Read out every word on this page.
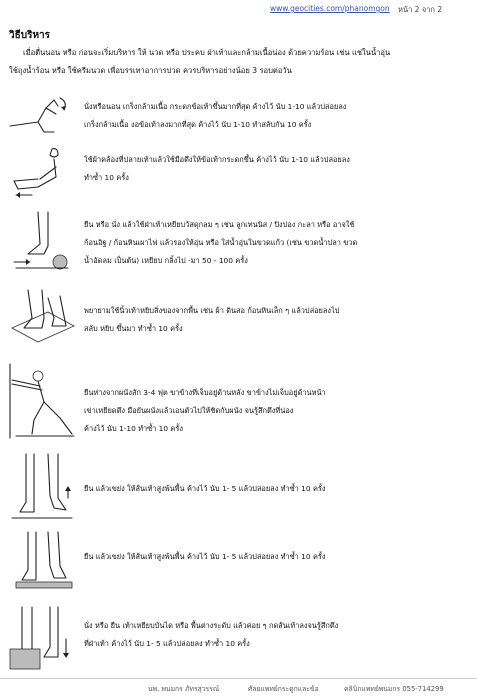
www.geocities.com/phanomgon หน้า 2 จาก 2
วิธีบริหาร
เมื่อตื่นนอน หรือ ก่อนจะเริ่มบริหาร ให้ นวด หรือ ประคบ ฝ่าเท้าและกล้ามเนื้อน่อง ด้วยความร้อน เช่น แช่ในน้ำอุ่น
ใช้ถุงน้ำร้อน หรือ ใช้ครีมนวด เพื่อบรรเทาอาการปวด ควรบริหารอย่างน้อย 3 รอบต่อวัน
นั่งหรือนอน เกร็งกล้ามเนื้อ กระดกข้อเท้าขึ้นมากที่สุด ค้างไว้ นับ 1-10 แล้วปล่อยลง
เกร็งกล้ามเนื้อ งอข้อเท้าลงมากที่สุด ค้างไว้ นับ 1-10 ทำสลับกัน 10 ครั้ง
ใช้ผ้าคล้องที่ปลายเท้าแล้วใช้มือดึงให้ข้อเท้ากระดกขึ้น ค้างไว้ นับ 1-10 แล้วปล่อยลง
ทำซ้ำ 10 ครั้ง
ยืน หรือ นั่ง แล้วใช้ฝ่าเท้าเหยียบวัสดุกลม ๆ เช่น ลูกเทนนิส / ปิงปอง กะลา หรือ อาจใช้
ก้อนอิฐ / ก้อนหินเผาไฟ แล้วรองให้อุ่น หรือ ใส่น้ำอุ่นในขวดแก้ว (เช่น ขวดน้ำปลา ขวด
น้ำอัดลม เป็นต้น) เหยียบ กลิ้งไป -มา 50 - 100 ครั้ง
พยายามใช้นิ้วเท้าหยิบสิ่งของจากพื้น เช่น ผ้า ดินสอ ก้อนหินเล็ก ๆ แล้วปล่อยลงไป
สลับ หยิบ ขึ้นมา ทำซ้ำ 10 ครั้ง
ยืนห่างจากผนังสัก 3-4 ฟุต ขาข้างที่เจ็บอยู่ด้านหลัง ขาข้างไม่เจ็บอยู่ด้านหน้า
เข่าเหยียดตึง มือยันผนังแล้วเอนตัวไปให้ชิดกับผนัง จนรู้สึกตึงที่น่อง
ค้างไว้ นับ 1-10 ทำซ้ำ 10 ครั้ง
ยืน แล้วเขย่ง ให้ส้นเท้าสูงพ้นพื้น ค้างไว้ นับ 1- 5 แล้วปล่อยลง ทำซ้ำ 10 ครั้ง
ยืน แล้วเขย่ง ให้ส้นเท้าสูงพ้นพื้น ค้างไว้ นับ 1- 5 แล้วปล่อยลง ทำซ้ำ 10 ครั้ง
นั่ง หรือ ยืน เท้าเหยียบบันได หรือ พื้นต่างระดับ แล้วค่อย ๆ กดส้นเท้าลงจนรู้สึกตึง
ที่ฝ่าเท้า ค้างไว้ นับ 1- 5 แล้วปล่อยลง ทำซ้ำ 10 ครั้ง
นพ. พนมกร ภัทรสุวรรณ์	ศัลยแพทย์กระดูกและข้อ	คลินิกแพทย์พนมกร 055-714299
